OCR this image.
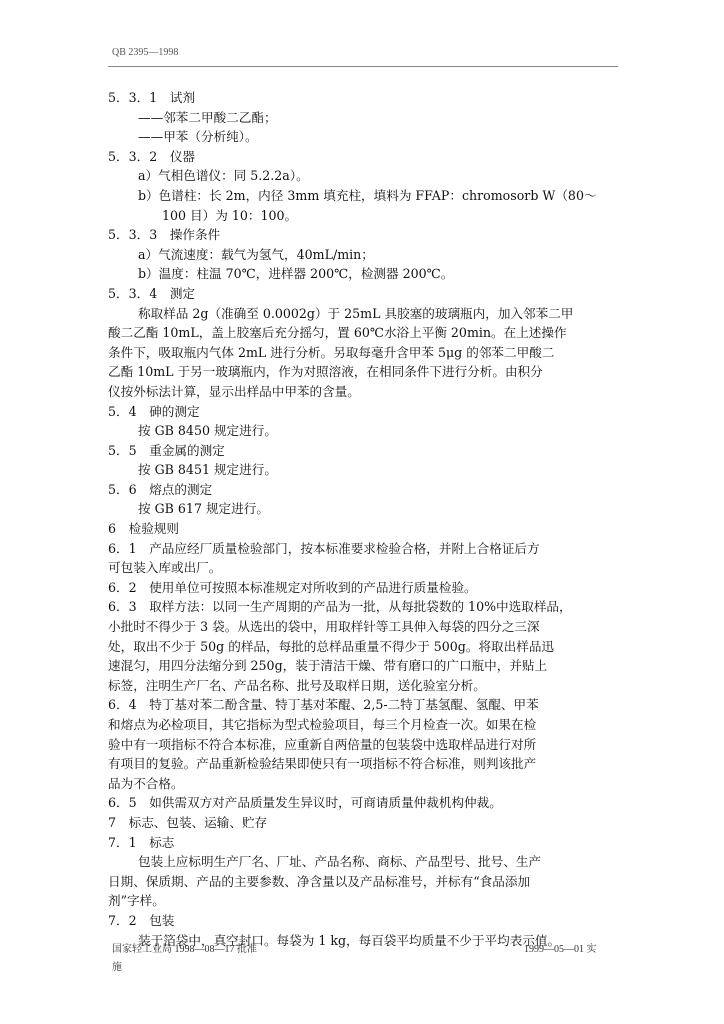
QB 2395—1998
5．3．1　试剂
——邻苯二甲酸二乙酯；
——甲苯（分析纯）。
5．3．2　仪器
a）气相色谱仪：同 5.2.2a）。
b）色谱柱：长 2m，内径 3mm 填充柱，填料为 FFAP：chromosorb W（80～
100 目）为 10：100。
5．3．3　操作条件
a）气流速度：载气为氢气，40mL/min；
b）温度：柱温 70℃，进样器 200℃，检测器 200℃。
5．3．4　测定
称取样品 2g（准确至 0.0002g）于 25mL 具胶塞的玻璃瓶内，加入邻苯二甲
酸二乙酯 10mL，盖上胶塞后充分摇匀，置 60℃水浴上平衡 20min。在上述操作
条件下，吸取瓶内气体 2mL 进行分析。另取每毫升含甲苯 5μg 的邻苯二甲酸二
乙酯 10mL 于另一玻璃瓶内，作为对照溶液，在相同条件下进行分析。由积分
仪按外标法计算，显示出样品中甲苯的含量。
5．4　砷的测定
按 GB 8450 规定进行。
5．5　重金属的测定
按 GB 8451 规定进行。
5．6　熔点的测定
按 GB 617 规定进行。
6　检验规则
6．1　产品应经厂质量检验部门，按本标准要求检验合格，并附上合格证后方
可包装入库或出厂。
6．2　使用单位可按照本标准规定对所收到的产品进行质量检验。
6．3　取样方法：以同一生产周期的产品为一批，从每批袋数的 10%中选取样品，
小批时不得少于 3 袋。从选出的袋中，用取样针等工具伸入每袋的四分之三深
处，取出不少于 50g 的样品，每批的总样品重量不得少于 500g。将取出样品迅
速混匀，用四分法缩分到 250g，装于清洁干燥、带有磨口的广口瓶中，并贴上
标签，注明生产厂名、产品名称、批号及取样日期，送化验室分析。
6．4　特丁基对苯二酚含量、特丁基对苯醌、2,5-二特丁基氢醌、氢醌、甲苯
和熔点为必检项目，其它指标为型式检验项目，每三个月检查一次。如果在检
验中有一项指标不符合本标准，应重新自两倍量的包装袋中选取样品进行对所
有项目的复验。产品重新检验结果即使只有一项指标不符合标准，则判该批产
品为不合格。
6．5　如供需双方对产品质量发生异议时，可商请质量仲裁机构仲裁。
7　标志、包装、运输、贮存
7．1　标志
包装上应标明生产厂名、厂址、产品名称、商标、产品型号、批号、生产
日期、保质期、产品的主要参数、净含量以及产品标准号，并标有“食品添加
剂”字样。
7．2　包装
装于箔袋中，真空封口。每袋为 1 kg，每百袋平均质量不少于平均表示值。
国家轻工业局 1998—08—17 批准
施
1999—05—01 实
